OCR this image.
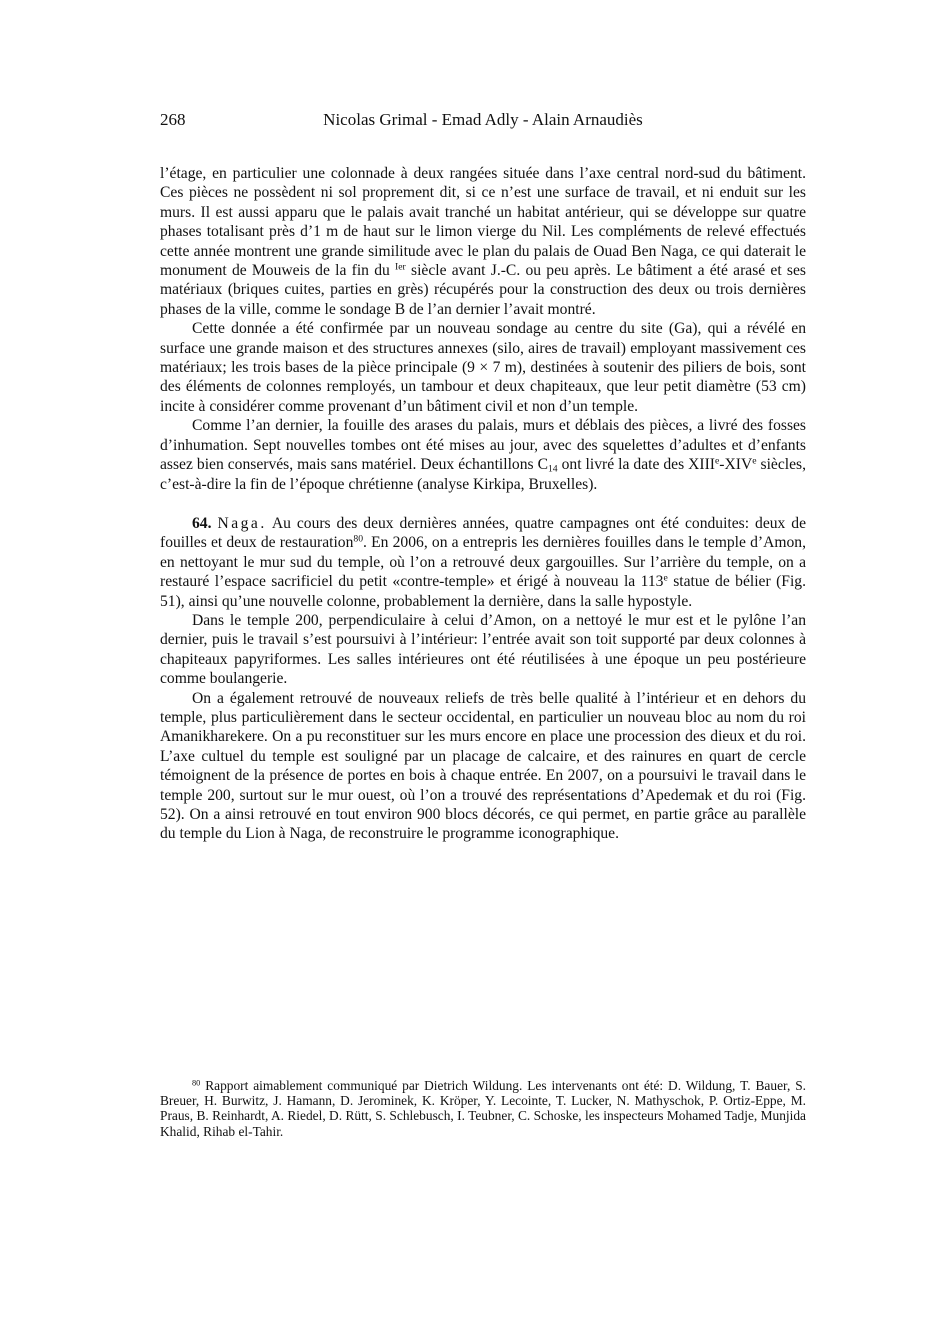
268	Nicolas Grimal - Emad Adly - Alain Arnaudiès

l’étage, en particulier une colonnade à deux rangées située dans l’axe central nord-sud du bâtiment. Ces pièces ne possèdent ni sol proprement dit, si ce n’est une surface de travail, et ni enduit sur les murs. Il est aussi apparu que le palais avait tranché un habitat antérieur, qui se développe sur quatre phases totalisant près d’1 m de haut sur le limon vierge du Nil. Les compléments de relevé effectués cette année montrent une grande similitude avec le plan du palais de Ouad Ben Naga, ce qui daterait le monument de Mouweis de la fin du $^{Ier}$ siècle avant J.-C. ou peu après. Le bâtiment a été arasé et ses matériaux (briques cuites, parties en grès) récupérés pour la construction des deux ou trois dernières phases de la ville, comme le sondage B de l’an dernier l’avait montré.

Cette donnée a été confirmée par un nouveau sondage au centre du site (Ga), qui a révélé en surface une grande maison et des structures annexes (silo, aires de travail) employant massivement ces matériaux; les trois bases de la pièce principale (9 × 7 m), destinées à soutenir des piliers de bois, sont des éléments de colonnes remployés, un tambour et deux chapiteaux, que leur petit diamètre (53 cm) incite à considérer comme provenant d’un bâtiment civil et non d’un temple.

Comme l’an dernier, la fouille des arases du palais, murs et déblais des pièces, a livré des fosses d’inhumation. Sept nouvelles tombes ont été mises au jour, avec des squelettes d’adultes et d’enfants assez bien conservés, mais sans matériel. Deux échantillons $C_{14}$ ont livré la date des XIIIe-XIVe siècles, c’est-à-dire la fin de l’époque chrétienne (analyse Kirkipa, Bruxelles).

64. Naga. Au cours des deux dernières années, quatre campagnes ont été conduites: deux de fouilles et deux de restauration$^{80}$. En 2006, on a entrepris les dernières fouilles dans le temple d’Amon, en nettoyant le mur sud du temple, où l’on a retrouvé deux gargouilles. Sur l’arrière du temple, on a restauré l’espace sacrificiel du petit «contre-temple» et érigé à nouveau la 113e statue de bélier (Fig. 51), ainsi qu’une nouvelle colonne, probablement la dernière, dans la salle hypostyle.

Dans le temple 200, perpendiculaire à celui d’Amon, on a nettoyé le mur est et le pylône l’an dernier, puis le travail s’est poursuivi à l’intérieur: l’entrée avait son toit supporté par deux colonnes à chapiteaux papyriformes. Les salles intérieures ont été réutilisées à une époque un peu postérieure comme boulangerie.

On a également retrouvé de nouveaux reliefs de très belle qualité à l’intérieur et en dehors du temple, plus particulièrement dans le secteur occidental, en particulier un nouveau bloc au nom du roi Amanikharekere. On a pu reconstituer sur les murs encore en place une procession des dieux et du roi. L’axe cultuel du temple est souligné par un placage de calcaire, et des rainures en quart de cercle témoignent de la présence de portes en bois à chaque entrée. En 2007, on a poursuivi le travail dans le temple 200, surtout sur le mur ouest, où l’on a trouvé des représentations d’Apedemak et du roi (Fig. 52). On a ainsi retrouvé en tout environ 900 blocs décorés, ce qui permet, en partie grâce au parallèle du temple du Lion à Naga, de reconstruire le programme iconographique.

$^{80}$ Rapport aimablement communiqué par Dietrich Wildung. Les intervenants ont été: D. Wildung, T. Bauer, S. Breuer, H. Burwitz, J. Hamann, D. Jerominek, K. Kröper, Y. Lecointe, T. Lucker, N. Mathyschok, P. Ortiz-Eppe, M. Praus, B. Reinhardt, A. Riedel, D. Rütt, S. Schlebusch, I. Teubner, C. Schoske, les inspecteurs Mohamed Tadje, Munjida Khalid, Rihab el-Tahir.
